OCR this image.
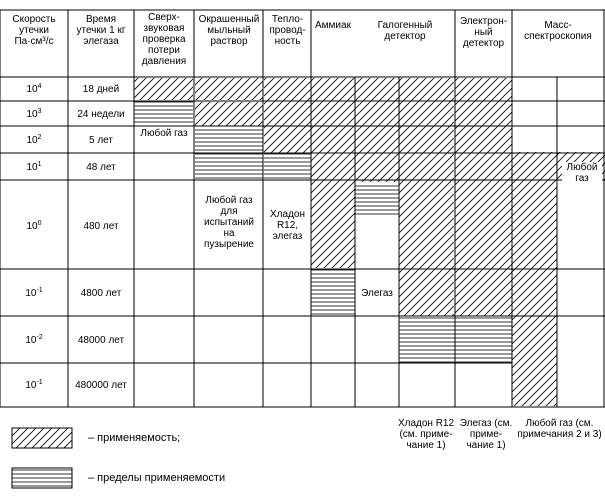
Скорость утечки Па·см³/с
Время утечки 1 кг элегаза
Сверх-звуковая проверка потери давления
Окрашенный мыльный раствор
Тепло-провод-ность
Аммиак	Галогенный детектор
Электрон-ный детектор
Масс-спектроскопия
$10^4$
$10^3$
$10^2$
$10^1$
$10^0$
$10^{-1}$
$10^{-2}$
$10^{-1}$
18 дней
24 недели
5 лет
48 лет
480 лет
4800 лет
48000 лет
480000 лет
Любой газ
Любой газ для испытаний на пузырение
Хладон R12, элегаз
Элегаз
Любой газ
Хладон R12 (см. приме-чание 1)
Элегаз (см. приме-чание 1)
Любой газ (см. примечания 2 и 3)
– применяемость;
– пределы применяемости
